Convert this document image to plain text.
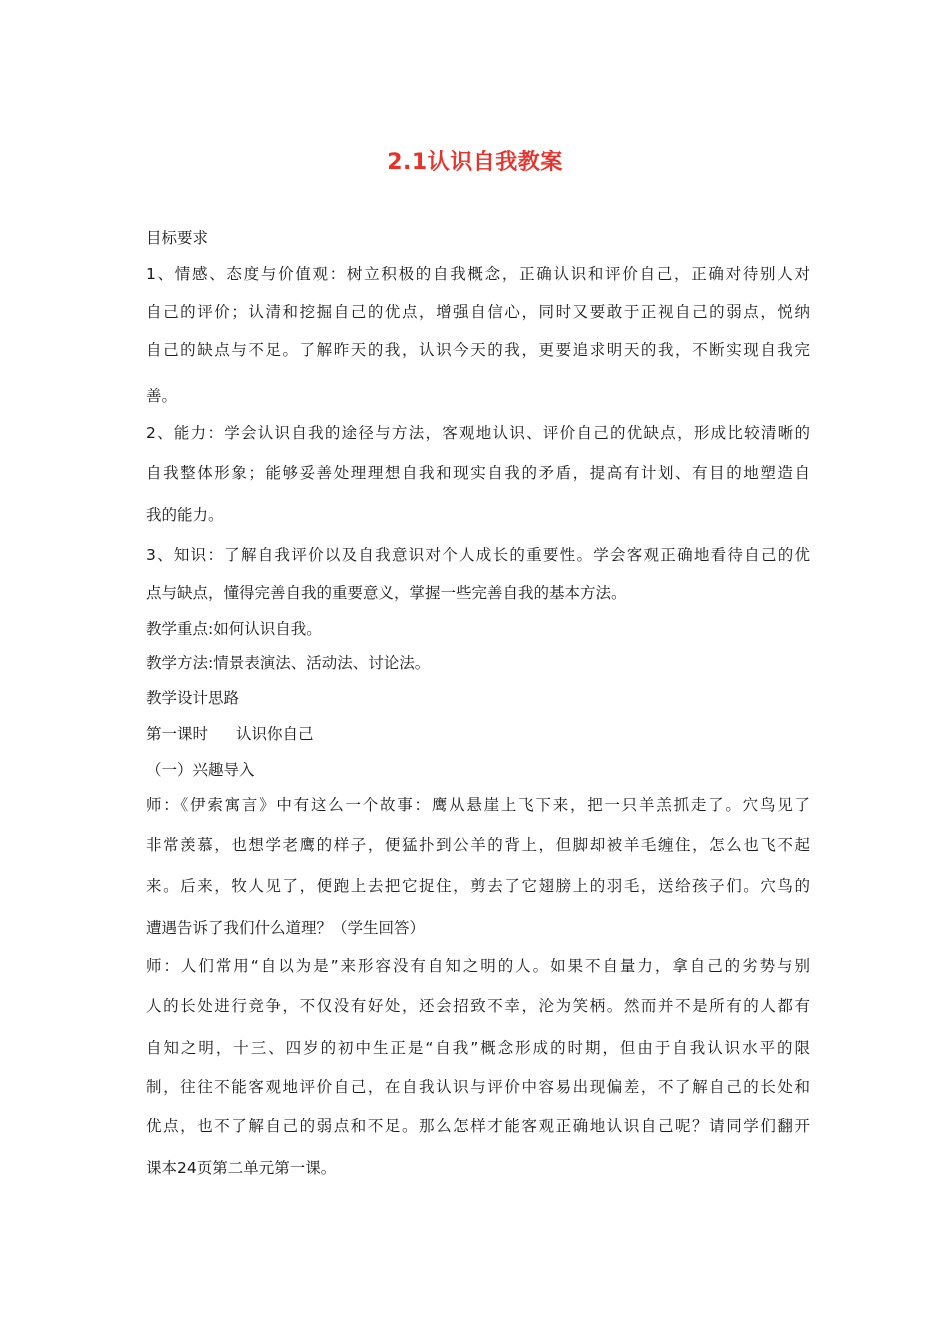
2.1认识自我教案
目标要求
1、情感、态度与价值观：树立积极的自我概念，正确认识和评价自己，正确对待别人对
自己的评价；认清和挖掘自己的优点，增强自信心，同时又要敢于正视自己的弱点，悦纳
自己的缺点与不足。了解昨天的我，认识今天的我，更要追求明天的我，不断实现自我完
善。
2、能力：学会认识自我的途径与方法，客观地认识、评价自己的优缺点，形成比较清晰的
自我整体形象；能够妥善处理理想自我和现实自我的矛盾，提高有计划、有目的地塑造自
我的能力。
3、知识：了解自我评价以及自我意识对个人成长的重要性。学会客观正确地看待自己的优
点与缺点，懂得完善自我的重要意义，掌握一些完善自我的基本方法。
教学重点:如何认识自我。
教学方法:情景表演法、活动法、讨论法。
教学设计思路
第一课时 认识你自己
（一）兴趣导入
师：《伊索寓言》中有这么一个故事：鹰从悬崖上飞下来，把一只羊羔抓走了。穴鸟见了
非常羡慕，也想学老鹰的样子，便猛扑到公羊的背上，但脚却被羊毛缠住，怎么也飞不起
来。后来，牧人见了，便跑上去把它捉住，剪去了它翅膀上的羽毛，送给孩子们。穴鸟的
遭遇告诉了我们什么道理？（学生回答）
师：人们常用“自以为是”来形容没有自知之明的人。如果不自量力，拿自己的劣势与别
人的长处进行竞争，不仅没有好处，还会招致不幸，沦为笑柄。然而并不是所有的人都有
自知之明，十三、四岁的初中生正是“自我”概念形成的时期，但由于自我认识水平的限
制，往往不能客观地评价自己，在自我认识与评价中容易出现偏差，不了解自己的长处和
优点，也不了解自己的弱点和不足。那么怎样才能客观正确地认识自己呢？请同学们翻开
课本24页第二单元第一课。
